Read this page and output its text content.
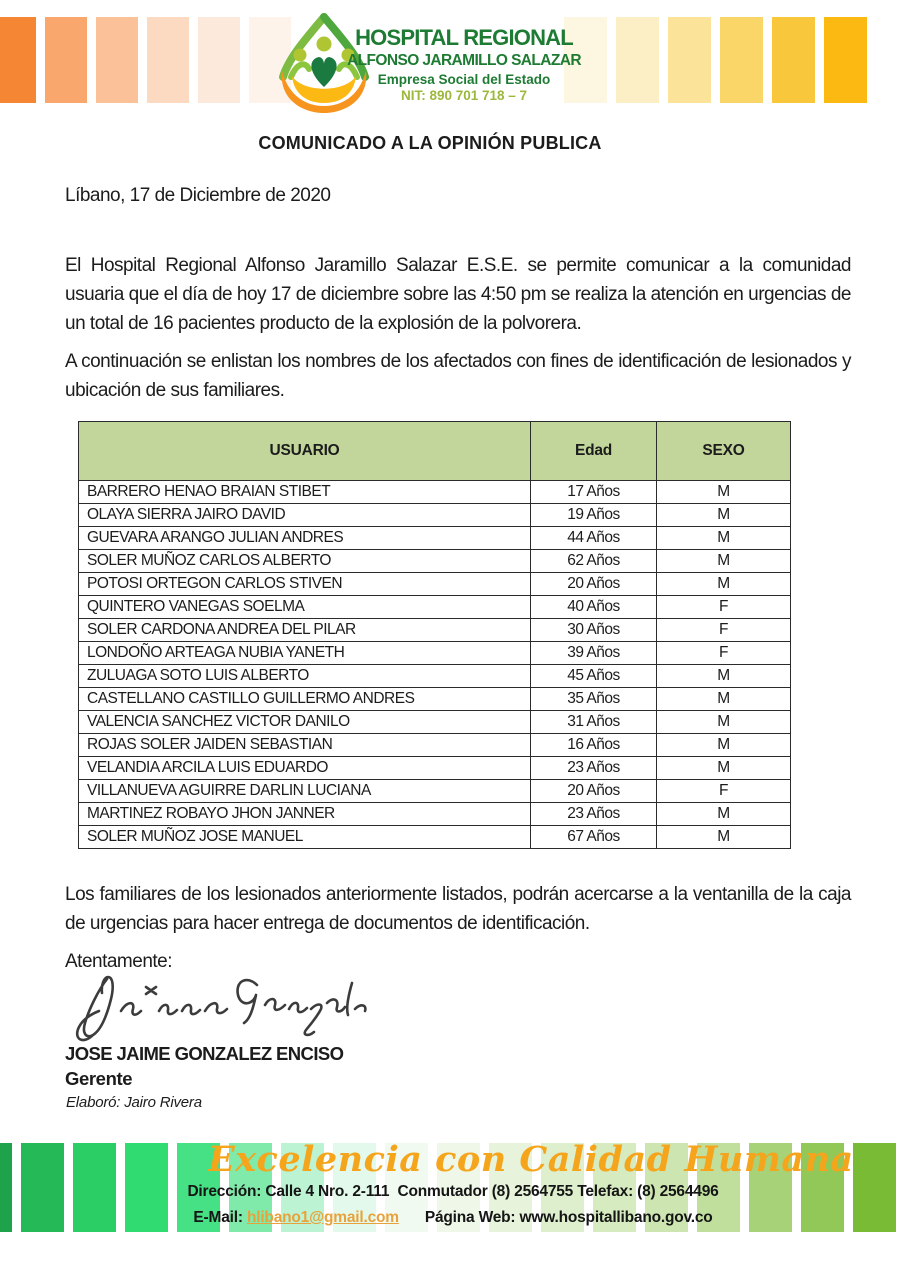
HOSPITAL REGIONAL
ALFONSO JARAMILLO SALAZAR
Empresa Social del Estado
NIT: 890 701 718 – 7
COMUNICADO A LA OPINIÓN PUBLICA

Líbano, 17 de Diciembre de 2020

El Hospital Regional Alfonso Jaramillo Salazar E.S.E. se permite comunicar a la comunidad usuaria que el día de hoy 17 de diciembre sobre las 4:50 pm se realiza la atención en urgencias de un total de 16 pacientes producto de la explosión de la polvorera.

A continuación se enlistan los nombres de los afectados con fines de identificación de lesionados y ubicación de sus familiares.

USUARIO	Edad	SEXO
BARRERO HENAO BRAIAN STIBET	17 Años	M
OLAYA SIERRA JAIRO DAVID	19 Años	M
GUEVARA ARANGO JULIAN ANDRES	44 Años	M
SOLER MUÑOZ CARLOS ALBERTO	62 Años	M
POTOSI ORTEGON CARLOS STIVEN	20 Años	M
QUINTERO VANEGAS SOELMA	40 Años	F
SOLER CARDONA ANDREA DEL PILAR	30 Años	F
LONDOÑO ARTEAGA NUBIA YANETH	39 Años	F
ZULUAGA SOTO LUIS ALBERTO	45 Años	M
CASTELLANO CASTILLO GUILLERMO ANDRES	35 Años	M
VALENCIA SANCHEZ VICTOR DANILO	31 Años	M
ROJAS SOLER JAIDEN SEBASTIAN	16 Años	M
VELANDIA ARCILA LUIS EDUARDO	23 Años	M
VILLANUEVA AGUIRRE DARLIN LUCIANA	20 Años	F
MARTINEZ ROBAYO JHON JANNER	23 Años	M
SOLER MUÑOZ JOSE MANUEL	67 Años	M

Los familiares de los lesionados anteriormente listados, podrán acercarse a la ventanilla de la caja de urgencias para hacer entrega de documentos de identificación.

Atentamente:

JOSE JAIME GONZALEZ ENCISO
Gerente
Elaboró: Jairo Rivera
Excelencia con Calidad Humana
Dirección: Calle 4 Nro. 2-111  Conmutador (8) 2564755 Telefax: (8) 2564496
E-Mail: hlibano1@gmail.com Página Web: www.hospitallibano.gov.co
